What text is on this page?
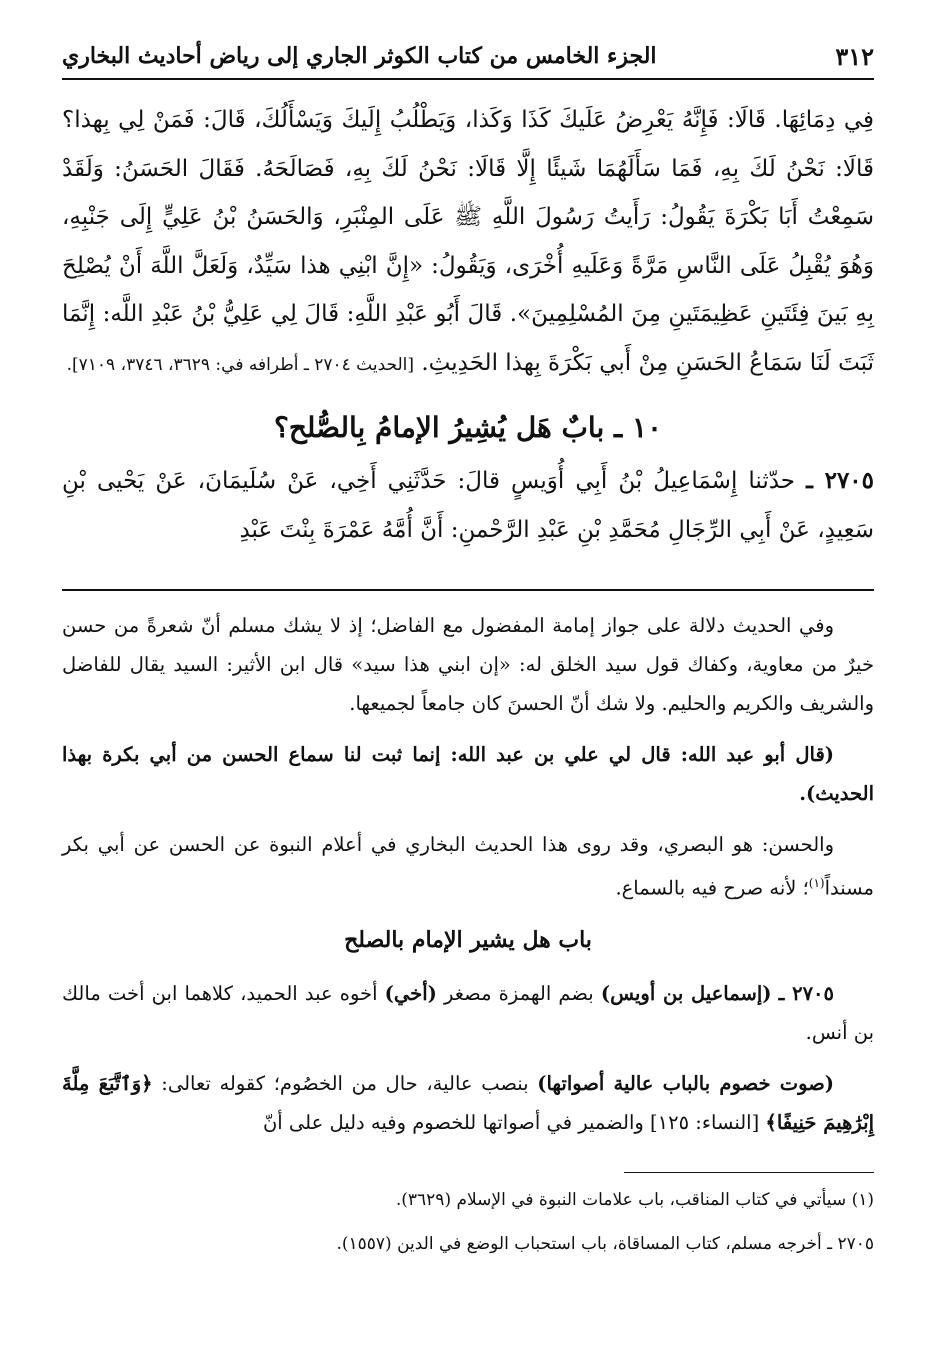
٣١٢
الجزء الخامس من كتاب الكوثر الجاري إلى رياض أحاديث البخاري

فِي دِمَائِهَا. قَالَا: فَإِنَّهُ يَعْرِضُ عَلَيكَ كَذَا وَكَذا، وَيَطْلُبُ إِلَيكَ وَيَسْأَلُكَ، قَالَ: فَمَنْ لِي بِهذا؟ قَالَا: نَحْنُ لَكَ بِهِ، فَمَا سَأَلَهُمَا شَيئًا إِلَّا قَالَا: نَحْنُ لَكَ بِهِ، فَصَالَحَهُ. فَقَالَ الحَسَنُ: وَلَقَدْ سَمِعْتُ أَبَا بَكْرَةَ يَقُولُ: رَأَيتُ رَسُولَ اللَّهِ ﷺ عَلَى المِنْبَرِ، وَالحَسَنُ بْنُ عَلِيٍّ إِلَى جَنْبِهِ، وَهُوَ يُقْبِلُ عَلَى النَّاسِ مَرَّةً وَعَلَيهِ أُخْرَى، وَيَقُولُ: «إِنَّ ابْنِي هذا سَيِّدٌ، وَلَعَلَّ اللَّهَ أَنْ يُصْلِحَ بِهِ بَينَ فِئَتَينِ عَظِيمَتَينِ مِنَ المُسْلِمِينَ». قَالَ أَبُو عَبْدِ اللَّهِ: قَالَ لِي عَلِيُّ بْنُ عَبْدِ اللَّه: إِنَّمَا ثَبَتَ لَنَا سَمَاعُ الحَسَنِ مِنْ أَبي بَكْرَةَ بِهذا الحَدِيثِ. [الحديث ٢٧٠٤ ـ أطرافه في: ٣٦٢٩، ٣٧٤٦، ٧١٠٩].

١٠ ـ بابٌ هَل يُشِيرُ الإمامُ بِالصُّلح؟

٢٧٠٥ ـ حدّثنا إِسْمَاعِيلُ بْنُ أَبِي أُوَيسٍ قالَ: حَدَّثَنِي أَخِي، عَنْ سُلَيمَانَ، عَنْ يَحْيى بْنِ سَعِيدٍ، عَنْ أَبِي الرِّجَالِ مُحَمَّدِ بْنِ عَبْدِ الرَّحْمنِ: أَنَّ أُمَّهُ عَمْرَةَ بِنْتَ عَبْدِ

وفي الحديث دلالة على جواز إمامة المفضول مع الفاضل؛ إذ لا يشك مسلم أنّ شعرةً من حسن خيرٌ من معاوية، وكفاك قول سيد الخلق له: «إن ابني هذا سيد» قال ابن الأثير: السيد يقال للفاضل والشريف والكريم والحليم. ولا شك أنّ الحسنَ كان جامعاً لجميعها.

(قال أبو عبد الله: قال لي علي بن عبد الله: إنما ثبت لنا سماع الحسن من أبي بكرة بهذا الحديث).

والحسن: هو البصري، وقد روى هذا الحديث البخاري في أعلام النبوة عن الحسن عن أبي بكر مسنداً$^{(١)}$؛ لأنه صرح فيه بالسماع.

باب هل يشير الإمام بالصلح

٢٧٠٥ ـ (إسماعيل بن أويس) بضم الهمزة مصغر (أخي) أخوه عبد الحميد، كلاهما ابن أخت مالك بن أنس.

(صوت خصوم بالباب عالية أصواتها) بنصب عالية، حال من الخصُوم؛ كقوله تعالى: ﴿وَٱتَّبَعَ مِلَّةَ إِبْرَٰهِيمَ حَنِيفًا﴾ [النساء: ١٢٥] والضمير في أصواتها للخصوم وفيه دليل على أنّ

(١) سيأتي في كتاب المناقب، باب علامات النبوة في الإسلام (٣٦٢٩).

٢٧٠٥ ـ أخرجه مسلم، كتاب المساقاة، باب استحباب الوضع في الدين (١٥٥٧).
